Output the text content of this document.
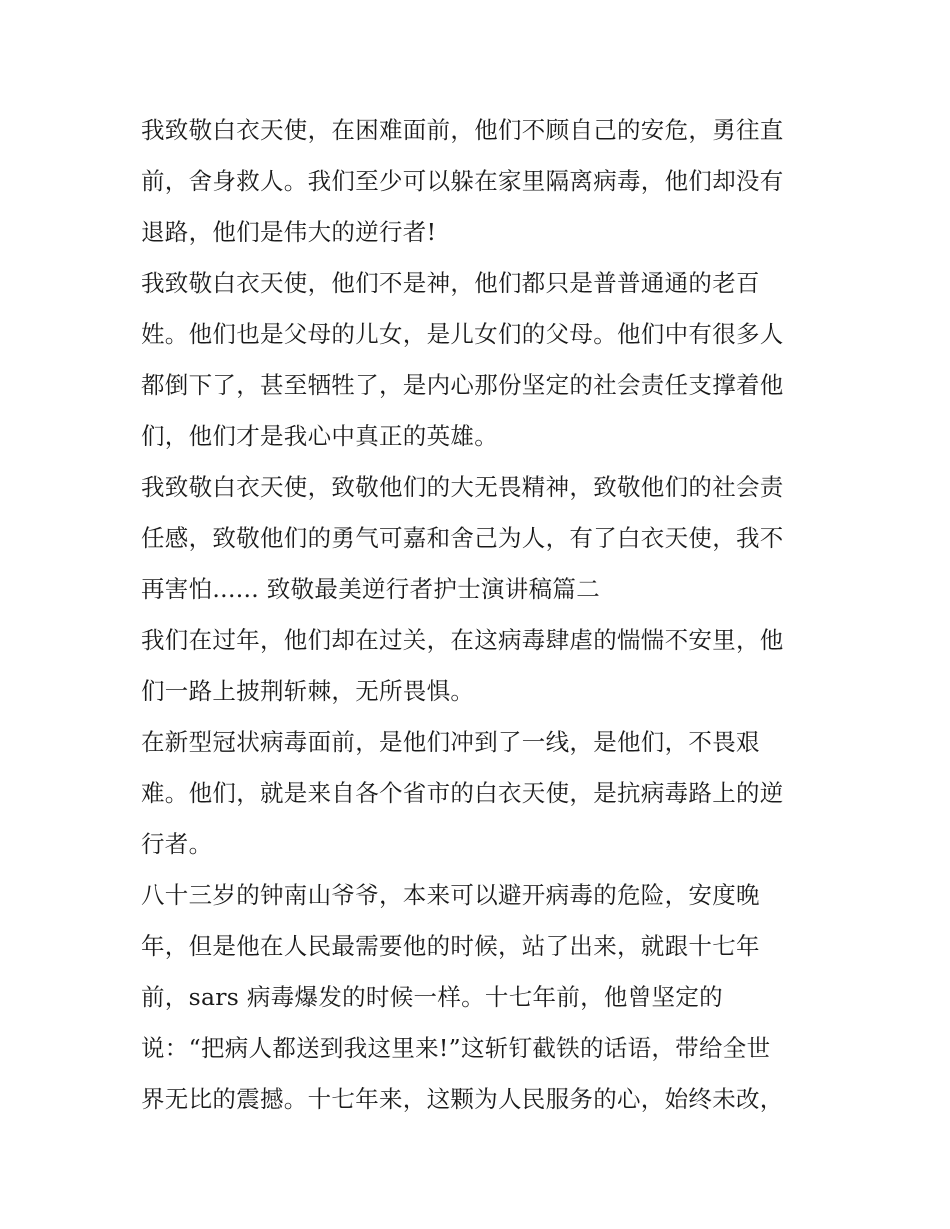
我致敬白衣天使，在困难面前，他们不顾自己的安危，勇往直
前，舍身救人。我们至少可以躲在家里隔离病毒，他们却没有
退路，他们是伟大的逆行者!
我致敬白衣天使，他们不是神，他们都只是普普通通的老百
姓。他们也是父母的儿女，是儿女们的父母。他们中有很多人
都倒下了，甚至牺牲了，是内心那份坚定的社会责任支撑着他
们，他们才是我心中真正的英雄。
我致敬白衣天使，致敬他们的大无畏精神，致敬他们的社会责
任感，致敬他们的勇气可嘉和舍己为人，有了白衣天使，我不
再害怕...... 致敬最美逆行者护士演讲稿篇二
我们在过年，他们却在过关，在这病毒肆虐的惴惴不安里，他
们一路上披荆斩棘，无所畏惧。
在新型冠状病毒面前，是他们冲到了一线，是他们，不畏艰
难。他们，就是来自各个省市的白衣天使，是抗病毒路上的逆
行者。
八十三岁的钟南山爷爷，本来可以避开病毒的危险，安度晚
年，但是他在人民最需要他的时候，站了出来，就跟十七年
前，sars 病毒爆发的时候一样。十七年前，他曾坚定的
说：“把病人都送到我这里来!”这斩钉截铁的话语，带给全世
界无比的震撼。十七年来，这颗为人民服务的心，始终未改，
